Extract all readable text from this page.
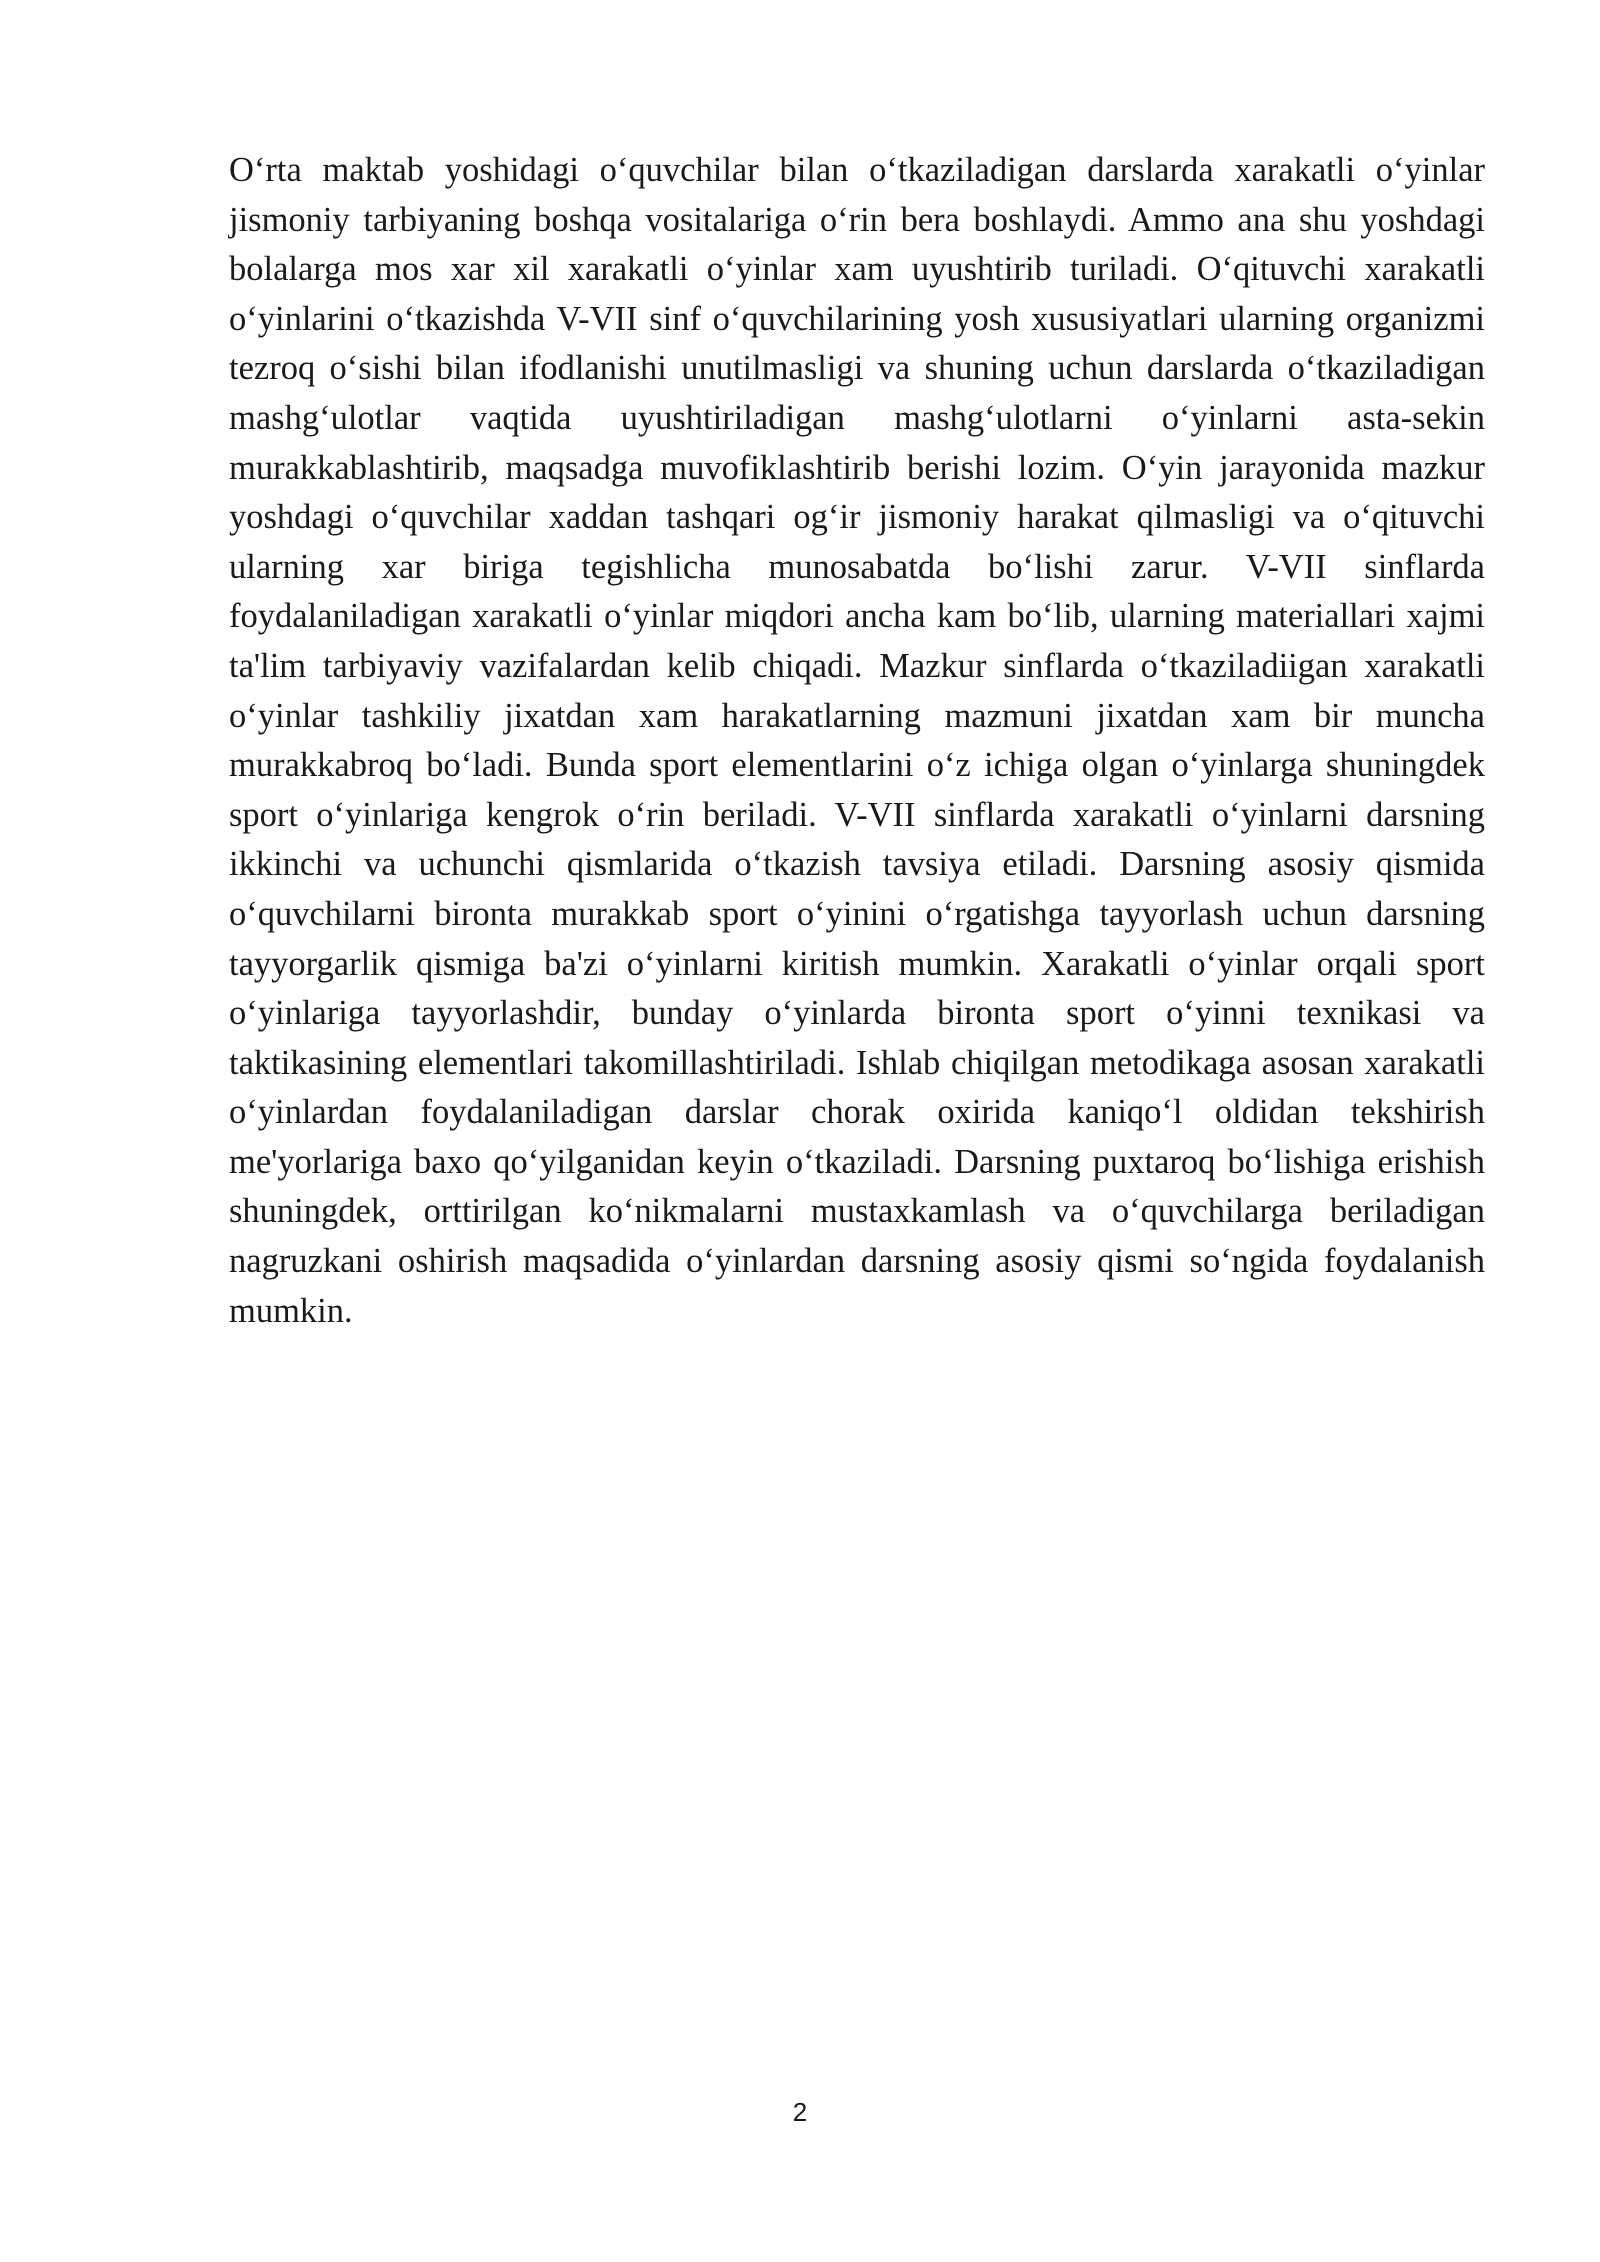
O‘rta maktab yoshidagi o‘quvchilar bilan o‘tkaziladigan darslarda xarakatli o‘yinlar jismoniy tarbiyaning boshqa vositalariga o‘rin bera boshlaydi. Ammo ana shu yoshdagi bolalarga mos xar xil xarakatli o‘yinlar xam uyushtirib turiladi. O‘qituvchi xarakatli o‘yinlarini o‘tkazishda V-VII sinf o‘quvchilarining yosh xususiyatlari ularning organizmi tezroq o‘sishi bilan ifodlanishi unutilmasligi va shuning uchun darslarda o‘tkaziladigan mashg‘ulotlar vaqtida uyushtiriladigan mashg‘ulotlarni o‘yinlarni asta-sekin murakkablashtirib, maqsadga muvofiklashtirib berishi lozim. O‘yin jarayonida mazkur yoshdagi o‘quvchilar xaddan tashqari og‘ir jismoniy harakat qilmasligi va o‘qituvchi ularning xar biriga tegishlicha munosabatda bo‘lishi zarur. V-VII sinflarda foydalaniladigan xarakatli o‘yinlar miqdori ancha kam bo‘lib, ularning materiallari xajmi ta'lim tarbiyaviy vazifalardan kelib chiqadi. Mazkur sinflarda o‘tkaziladiigan xarakatli o‘yinlar tashkiliy jixatdan xam harakatlarning mazmuni jixatdan xam bir muncha murakkabroq bo‘ladi. Bunda sport elementlarini o‘z ichiga olgan o‘yinlarga shuningdek sport o‘yinlariga kengrok o‘rin beriladi. V-VII sinflarda xarakatli o‘yinlarni darsning ikkinchi va uchunchi qismlarida o‘tkazish tavsiya etiladi. Darsning asosiy qismida o‘quvchilarni bironta murakkab sport o‘yinini o‘rgatishga tayyorlash uchun darsning tayyorgarlik qismiga ba'zi o‘yinlarni kiritish mumkin. Xarakatli o‘yinlar orqali sport o‘yinlariga tayyorlashdir, bunday o‘yinlarda bironta sport o‘yinni texnikasi va taktikasining elementlari takomillashtiriladi. Ishlab chiqilgan metodikaga asosan xarakatli o‘yinlardan foydalaniladigan darslar chorak oxirida kaniqo‘l oldidan tekshirish me'yorlariga baxo qo‘yilganidan keyin o‘tkaziladi. Darsning puxtaroq bo‘lishiga erishish shuningdek, orttirilgan ko‘nikmalarni mustaxkamlash va o‘quvchilarga beriladigan nagruzkani oshirish maqsadida o‘yinlardan darsning asosiy qismi so‘ngida foydalanish mumkin.

2
